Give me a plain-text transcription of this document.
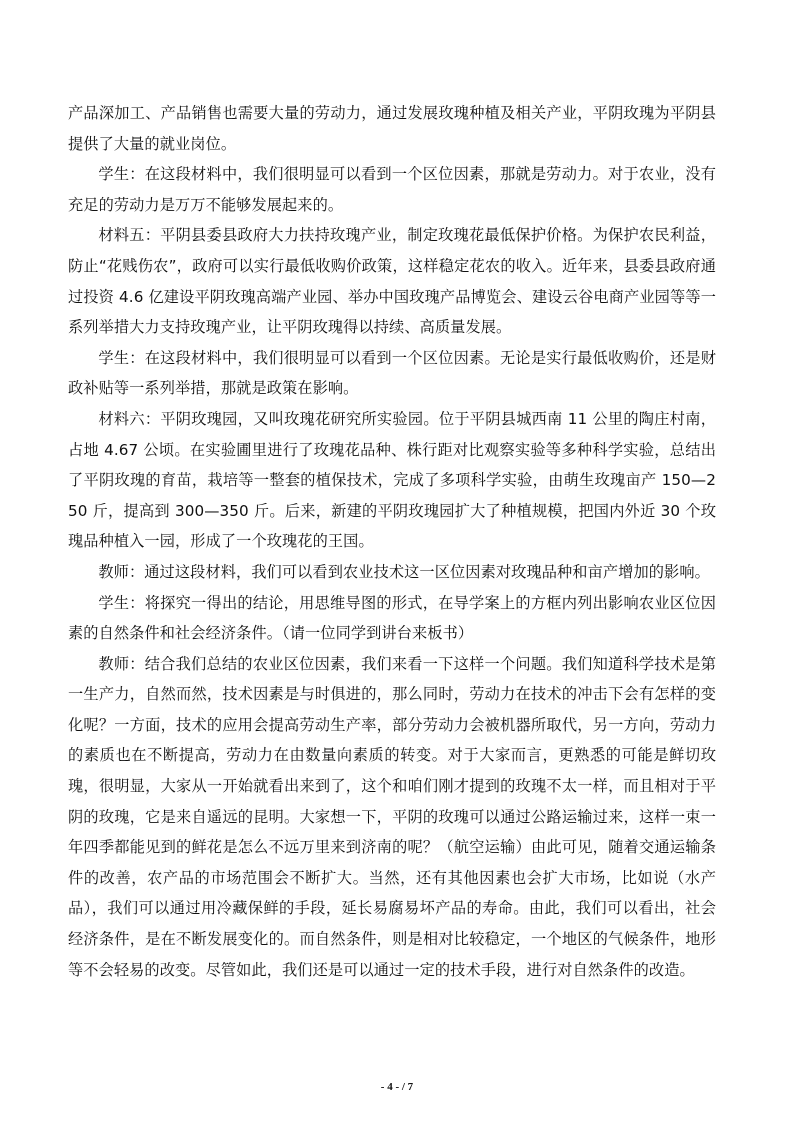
产品深加工、产品销售也需要大量的劳动力，通过发展玫瑰种植及相关产业，平阴玫瑰为平阴县提供了大量的就业岗位。

学生：在这段材料中，我们很明显可以看到一个区位因素，那就是劳动力。对于农业，没有充足的劳动力是万万不能够发展起来的。

材料五：平阴县委县政府大力扶持玫瑰产业，制定玫瑰花最低保护价格。为保护农民利益，防止“花贱伤农”，政府可以实行最低收购价政策，这样稳定花农的收入。近年来，县委县政府通过投资 4.6 亿建设平阴玫瑰高端产业园、举办中国玫瑰产品博览会、建设云谷电商产业园等等一系列举措大力支持玫瑰产业，让平阴玫瑰得以持续、高质量发展。

学生：在这段材料中，我们很明显可以看到一个区位因素。无论是实行最低收购价，还是财政补贴等一系列举措，那就是政策在影响。

材料六：平阴玫瑰园，又叫玫瑰花研究所实验园。位于平阴县城西南 11 公里的陶庄村南，占地 4.67 公顷。在实验圃里进行了玫瑰花品种、株行距对比观察实验等多种科学实验，总结出了平阴玫瑰的育苗，栽培等一整套的植保技术，完成了多项科学实验，由萌生玫瑰亩产 150—250 斤，提高到 300—350 斤。后来，新建的平阴玫瑰园扩大了种植规模，把国内外近 30 个玫瑰品种植入一园，形成了一个玫瑰花的王国。

教师：通过这段材料，我们可以看到农业技术这一区位因素对玫瑰品种和亩产增加的影响。

学生：将探究一得出的结论，用思维导图的形式，在导学案上的方框内列出影响农业区位因素的自然条件和社会经济条件。（请一位同学到讲台来板书）

教师：结合我们总结的农业区位因素，我们来看一下这样一个问题。我们知道科学技术是第一生产力，自然而然，技术因素是与时俱进的，那么同时，劳动力在技术的冲击下会有怎样的变化呢？一方面，技术的应用会提高劳动生产率，部分劳动力会被机器所取代，另一方向，劳动力的素质也在不断提高，劳动力在由数量向素质的转变。对于大家而言，更熟悉的可能是鲜切玫瑰，很明显，大家从一开始就看出来到了，这个和咱们刚才提到的玫瑰不太一样，而且相对于平阴的玫瑰，它是来自遥远的昆明。大家想一下，平阴的玫瑰可以通过公路运输过来，这样一束一年四季都能见到的鲜花是怎么不远万里来到济南的呢？（航空运输）由此可见，随着交通运输条件的改善，农产品的市场范围会不断扩大。当然，还有其他因素也会扩大市场，比如说（水产品），我们可以通过用冷藏保鲜的手段，延长易腐易坏产品的寿命。由此，我们可以看出，社会经济条件，是在不断发展变化的。而自然条件，则是相对比较稳定，一个地区的气候条件，地形等不会轻易的改变。尽管如此，我们还是可以通过一定的技术手段，进行对自然条件的改造。

- 4 - / 7
